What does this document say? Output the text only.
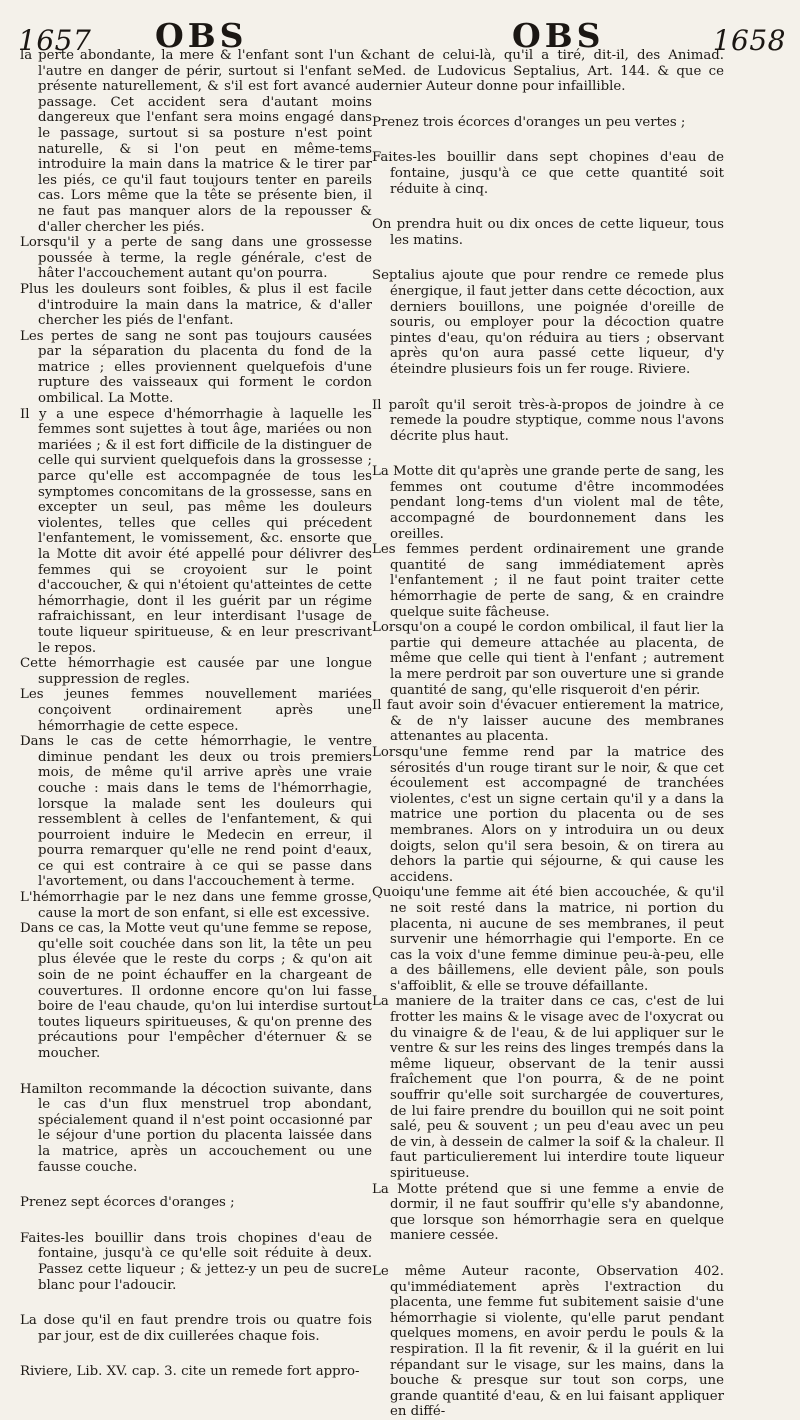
1657 OBS	OBS	1658

la perte abondante, la mere & l'enfant sont l'un & l'autre en danger de périr, surtout si l'enfant se présente naturellement, & s'il est fort avancé au passage. Cet accident sera d'autant moins dangereux que l'enfant sera moins engagé dans le passage, surtout si sa posture n'est point naturelle, & si l'on peut en même-tems introduire la main dans la matrice & le tirer par les piés, ce qu'il faut toujours tenter en pareils cas. Lors même que la tête se présente bien, il ne faut pas manquer alors de la repousser & d'aller chercher les piés.

Lorsqu'il y a perte de sang dans une grossesse poussée à terme, la regle générale, c'est de hâter l'accouchement autant qu'on pourra.

Plus les douleurs sont foibles, & plus il est facile d'introduire la main dans la matrice, & d'aller chercher les piés de l'enfant.

Les pertes de sang ne sont pas toujours causées par la séparation du placenta du fond de la matrice ; elles proviennent quelquefois d'une rupture des vaisseaux qui forment le cordon ombilical. La Motte.

Il y a une espece d'hémorrhagie à laquelle les femmes sont sujettes à tout âge, mariées ou non mariées ; & il est fort difficile de la distinguer de celle qui survient quelquefois dans la grossesse ; parce qu'elle est accompagnée de tous les symptomes concomitans de la grossesse, sans en excepter un seul, pas même les douleurs violentes, telles que celles qui précedent l'enfantement, le vomissement, &c. ensorte que la Motte dit avoir été appellé pour délivrer des femmes qui se croyoient sur le point d'accoucher, & qui n'étoient qu'atteintes de cette hémorrhagie, dont il les guérit par un régime rafraichissant, en leur interdisant l'usage de toute liqueur spiritueuse, & en leur prescrivant le repos.

Cette hémorrhagie est causée par une longue suppression de regles.

Les jeunes femmes nouvellement mariées conçoivent ordinairement après une hémorrhagie de cette espece.

Dans le cas de cette hémorrhagie, le ventre diminue pendant les deux ou trois premiers mois, de même qu'il arrive après une vraie couche : mais dans le tems de l'hémorrhagie, lorsque la malade sent les douleurs qui ressemblent à celles de l'enfantement, & qui pourroient induire le Medecin en erreur, il pourra remarquer qu'elle ne rend point d'eaux, ce qui est contraire à ce qui se passe dans l'avortement, ou dans l'accouchement à terme.

L'hémorrhagie par le nez dans une femme grosse, cause la mort de son enfant, si elle est excessive.

Dans ce cas, la Motte veut qu'une femme se repose, qu'elle soit couchée dans son lit, la tête un peu plus élevée que le reste du corps ; & qu'on ait soin de ne point échauffer en la chargeant de couvertures. Il ordonne encore qu'on lui fasse boire de l'eau chaude, qu'on lui interdise surtout toutes liqueurs spiritueuses, & qu'on prenne des précautions pour l'empêcher d'éternuer & se moucher.

Hamilton recommande la décoction suivante, dans le cas d'un flux menstruel trop abondant, spécialement quand il n'est point occasionné par le séjour d'une portion du placenta laissée dans la matrice, après un accouchement ou une fausse couche.

Prenez sept écorces d'oranges ;

Faites-les bouillir dans trois chopines d'eau de fontaine, jusqu'à ce qu'elle soit réduite à deux. Passez cette liqueur ; & jettez-y un peu de sucre blanc pour l'adoucir.

La dose qu'il en faut prendre trois ou quatre fois par jour, est de dix cuillerées chaque fois.

Riviere, Lib. XV. cap. 3. cite un remede fort appro-

chant de celui-là, qu'il a tiré, dit-il, des Animad. Med. de Ludovicus Septalius, Art. 144. & que ce dernier Auteur donne pour infaillible.

Prenez trois écorces d'oranges un peu vertes ;

Faites-les bouillir dans sept chopines d'eau de fontaine, jusqu'à ce que cette quantité soit réduite à cinq.

On prendra huit ou dix onces de cette liqueur, tous les matins.

Septalius ajoute que pour rendre ce remede plus énergique, il faut jetter dans cette décoction, aux derniers bouillons, une poignée d'oreille de souris, ou employer pour la décoction quatre pintes d'eau, qu'on réduira au tiers ; observant après qu'on aura passé cette liqueur, d'y éteindre plusieurs fois un fer rouge. Riviere.

Il paroît qu'il seroit très-à-propos de joindre à ce remede la poudre styptique, comme nous l'avons décrite plus haut.

La Motte dit qu'après une grande perte de sang, les femmes ont coutume d'être incommodées pendant long-tems d'un violent mal de tête, accompagné de bourdonnement dans les oreilles.

Les femmes perdent ordinairement une grande quantité de sang immédiatement après l'enfantement ; il ne faut point traiter cette hémorrhagie de perte de sang, & en craindre quelque suite fâcheuse.

Lorsqu'on a coupé le cordon ombilical, il faut lier la partie qui demeure attachée au placenta, de même que celle qui tient à l'enfant ; autrement la mere perdroit par son ouverture une si grande quantité de sang, qu'elle risqueroit d'en périr.

Il faut avoir soin d'évacuer entierement la matrice, & de n'y laisser aucune des membranes attenantes au placenta.

Lorsqu'une femme rend par la matrice des sérosités d'un rouge tirant sur le noir, & que cet écoulement est accompagné de tranchées violentes, c'est un signe certain qu'il y a dans la matrice une portion du placenta ou de ses membranes. Alors on y introduira un ou deux doigts, selon qu'il sera besoin, & on tirera au dehors la partie qui séjourne, & qui cause les accidens.

Quoiqu'une femme ait été bien accouchée, & qu'il ne soit resté dans la matrice, ni portion du placenta, ni aucune de ses membranes, il peut survenir une hémorrhagie qui l'emporte. En ce cas la voix d'une femme diminue peu-à-peu, elle a des bâillemens, elle devient pâle, son pouls s'affoiblit, & elle se trouve défaillante.

La maniere de la traiter dans ce cas, c'est de lui frotter les mains & le visage avec de l'oxycrat ou du vinaigre & de l'eau, & de lui appliquer sur le ventre & sur les reins des linges trempés dans la même liqueur, observant de la tenir aussi fraîchement que l'on pourra, & de ne point souffrir qu'elle soit surchargée de couvertures, de lui faire prendre du bouillon qui ne soit point salé, peu & souvent ; un peu d'eau avec un peu de vin, à dessein de calmer la soif & la chaleur. Il faut particulierement lui interdire toute liqueur spiritueuse.

La Motte prétend que si une femme a envie de dormir, il ne faut souffrir qu'elle s'y abandonne, que lorsque son hémorrhagie sera en quelque maniere cessée.

Le même Auteur raconte, Observation 402. qu'immédiatement après l'extraction du placenta, une femme fut subitement saisie d'une hémorrhagie si violente, qu'elle parut pendant quelques momens, en avoir perdu le pouls & la respiration. Il la fit revenir, & il la guérit en lui répandant sur le visage, sur les mains, dans la bouche & presque sur tout son corps, une grande quantité d'eau, & en lui faisant appliquer en diffé-
